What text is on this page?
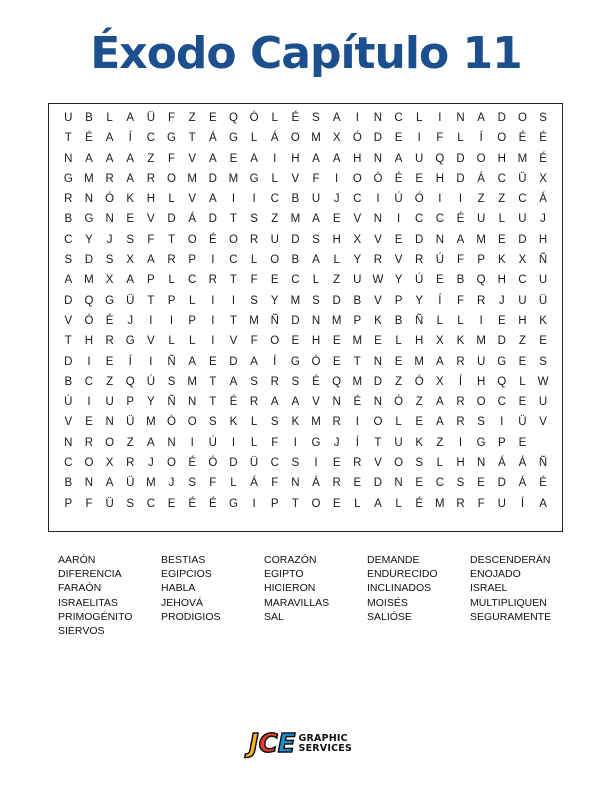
Éxodo Capítulo 11
U	B	L	A	Ü	F	Z	E	Q	Ó	L	É	S	A	I	N	C	L	I	N	A	D	O	S
T	É	A	Í	C	G	T	Á	G	L	Á	O M	X	Ó	D	E	I	F	L	Í	O	É	É
N	A	A	A	Z	F	V	A	E	A	I	H	A	A	H	N	A	U	Q	D	O	H	M	É
G M	R	A	R	O M	D	M G	L	V	F	I	O	Ó	É	E	H	D	Á	C	Ü	X
R	N	Ó	K	H	L	V	A	I	I	C	B	U	J	C	I	Ú	Ó	I	I	Z	Z	C	Á
B	G	N	E	V	D	Á	D	T	S	Z	M	A	E	V	N	I	C	C	É	U	L	U	J
C	Y	J	S	F	T	O	É	O	R	U	D	S	H	X	V	E	D	N	A	M	E	D	H
S	D	S	X	A	R	P	I	C	L	O	B	A	L	Y	R	V	R	Ú	F	P	K	X	Ñ
A	M	X	A	P	L	C	R	T	F	E	C	L	Z	U W Y	Ú	E	B	Q	H	C	U
D	Q	G	Ü	T	P	L	I	I	S	Y	M	S	D	B	V	P	Y	Í	F	R	J	U	Ü
V	Ó	É	J	I	I	P	I	T	M	Ñ	D	N	M	P	K	B	Ñ	L	L	I	E	H	K
T	H	R	G	V	L	L	I	V	F	O	E	H	E	M	E	L	H	X	K	M	D	Z	E
D	I	E	Í	I	Ñ	A	E	D	A	Í	G	Ó	E	T	N	E	M	A	R	U	G	E	S
B	C	Z	Q	Ú	S	M	T	A	S	R	S	É	Q M	D	Z	Ó	X	Í	H	Q	L	W
Ú	I	U	P	Y	Ñ	N	T	É	R	A	A	V	N	É	N	Ó	Z	A	R	O	C	E	U
V	E	N	Ü	M Ó	O	S	K	L	S	K	M	R	I	O	L	E	A	R	S	I	Ü	V
N	R	O	Z	A	N	I	Ú	I	L	F	I	G	J	Í	T	U	K	Z	I	G	P	E
C	O	X	R	J	O	É	Ó	D	Ü	C	S	I	E	R	V	O	S	L	H	N	Á	Á	Ñ
B	N	A	Ü	M	J	S	F	L	Á	F	N	Á	R	E	D	N	E	C	S	E	D	Á	É
P	F	Ü	S	C	E	É	É	G	I	P	T	O	E	L	A	L	É	M	R	F	U	Í	A
AARÓN	BESTIAS	CORAZÓN	DEMANDE	DESCENDERÁN
DIFERENCIA	EGIPCIOS	EGIPTO	ENDURECIDO	ENOJADO
FARAÓN	HABLA	HICIERON	INCLINADOS	ISRAEL
ISRAELITAS	JEHOVÁ	MARAVILLAS	MOISÉS	MULTIPLIQUEN
PRIMOGÉNITO	PRODIGIOS	SAL	SALIÓSE	SEGURAMENTE
SIERVOS
J C E GRAPHIC
SERVICES
